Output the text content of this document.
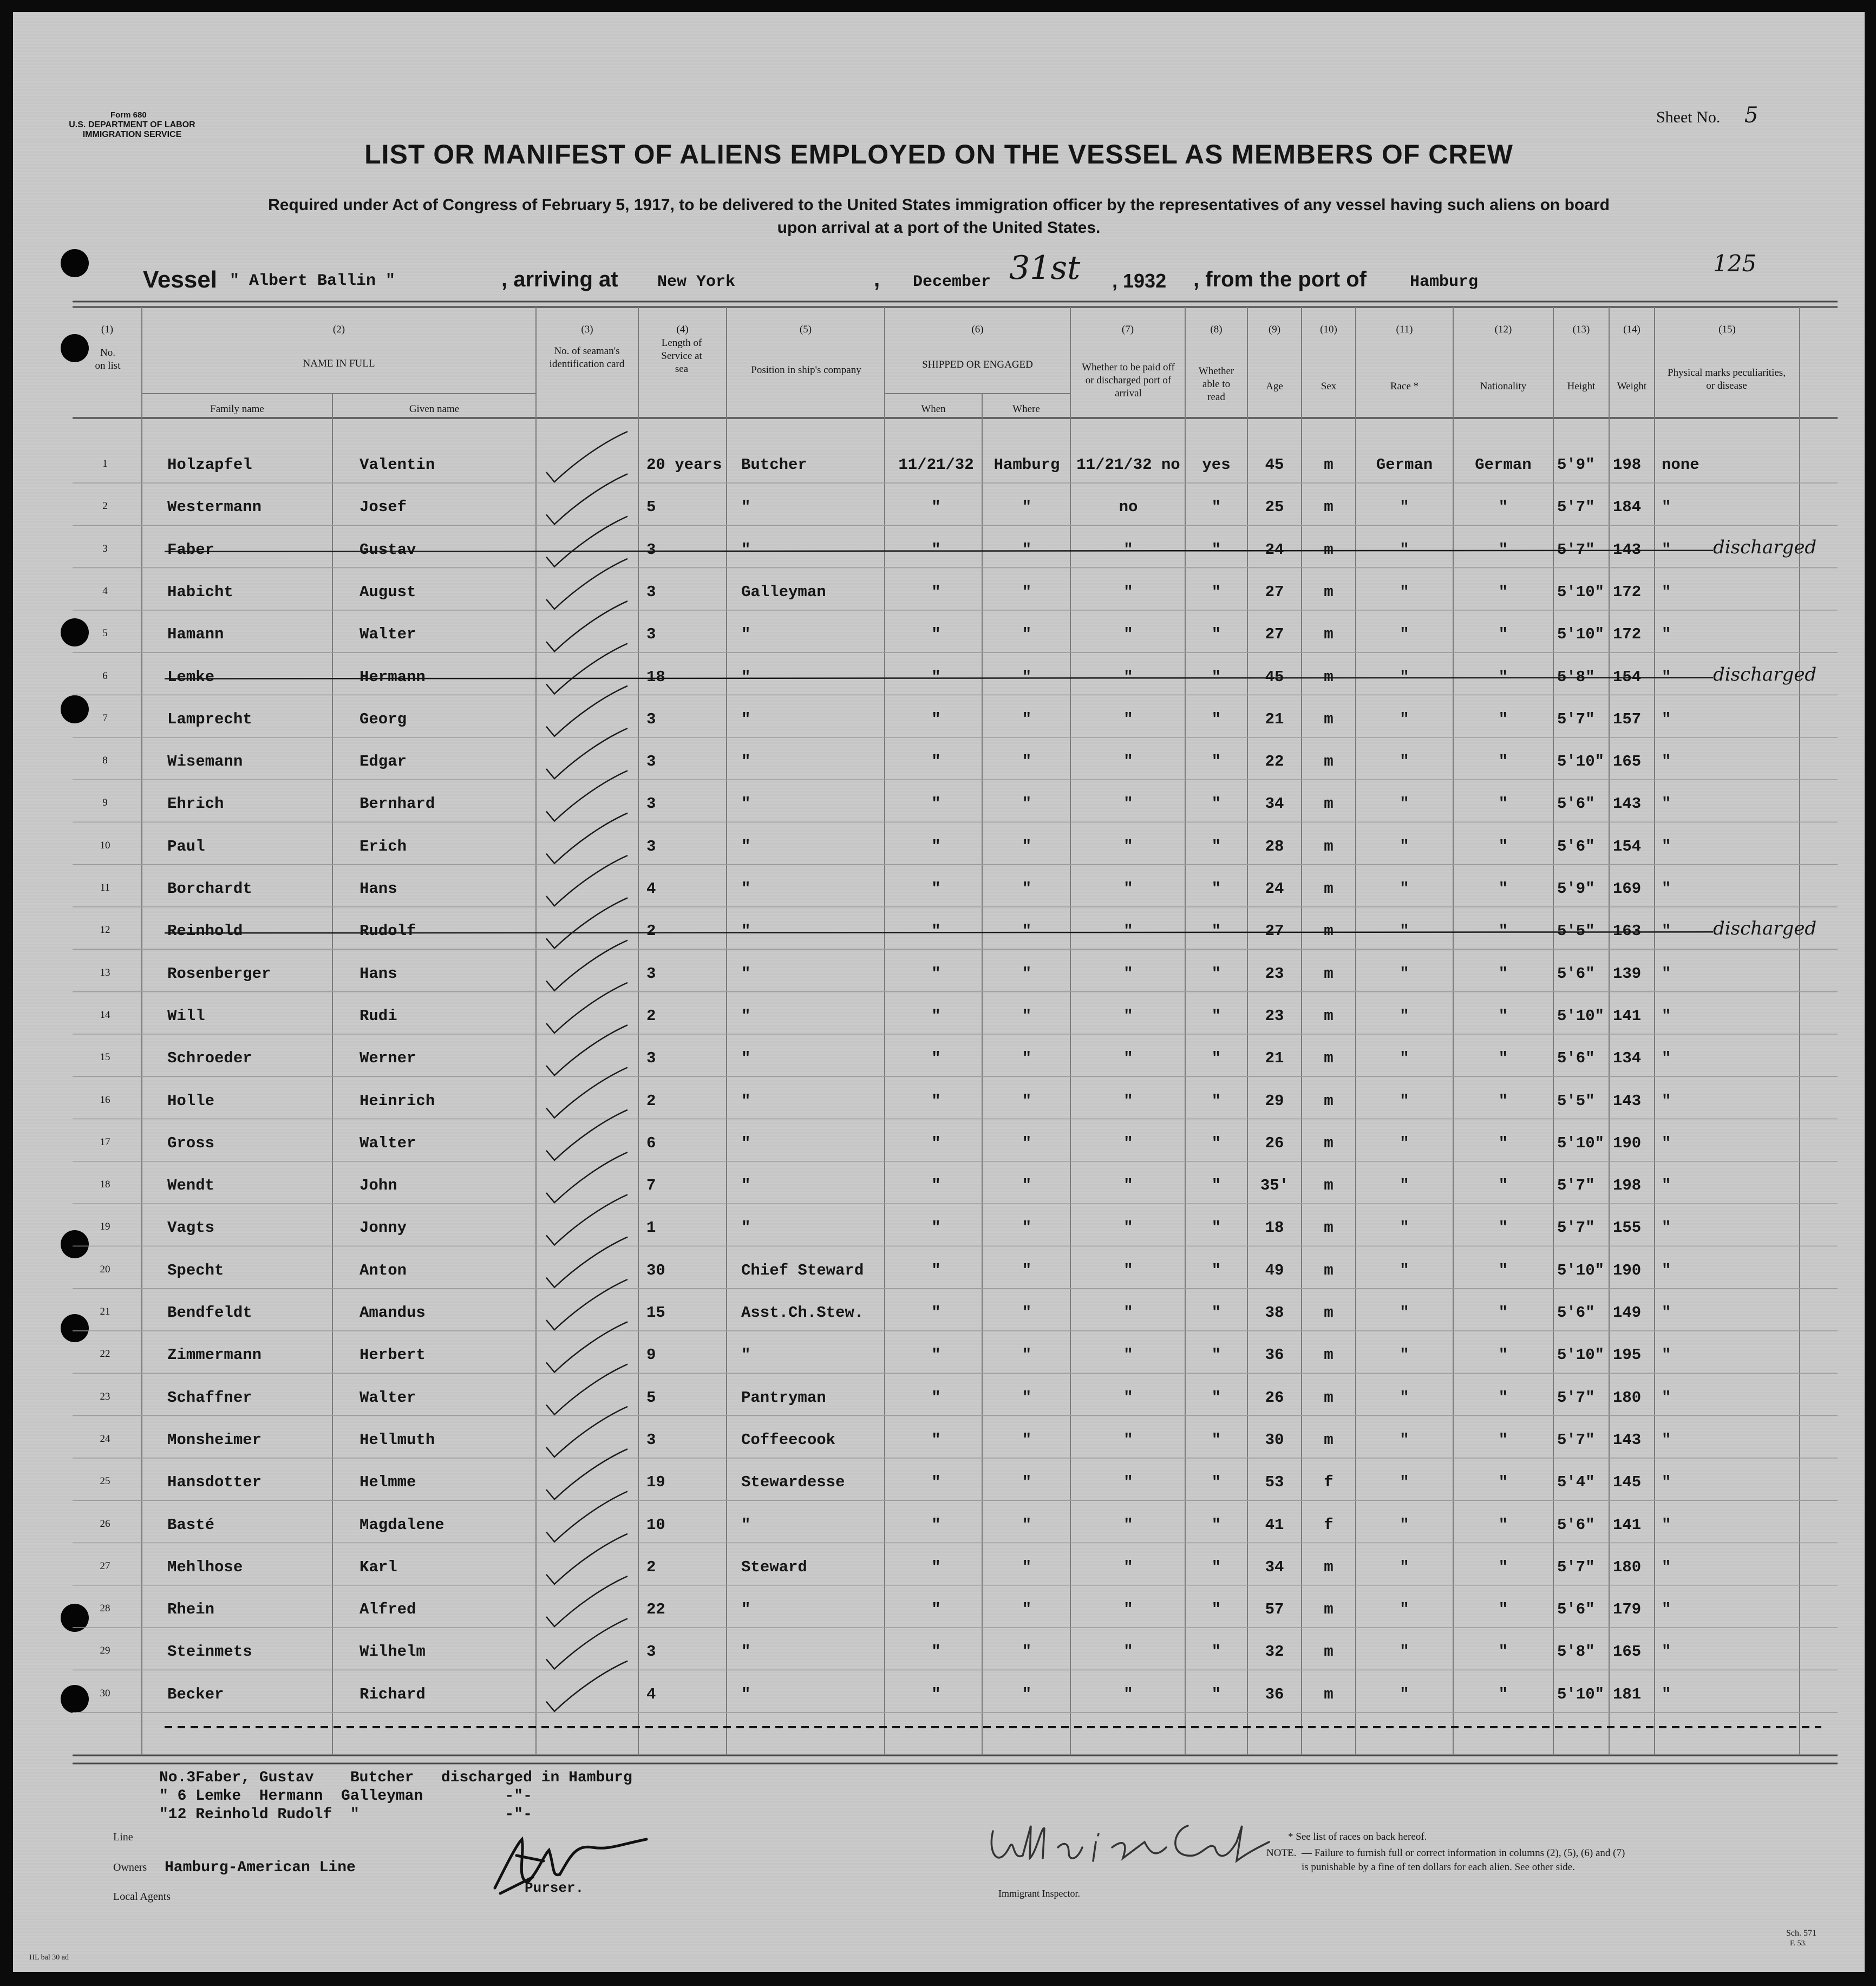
Form 680
U.S. DEPARTMENT OF LABOR
IMMIGRATION SERVICE
Sheet No. 5
LIST OR MANIFEST OF ALIENS EMPLOYED ON THE VESSEL AS MEMBERS OF CREW
Required under Act of Congress of February 5, 1917, to be delivered to the United States immigration officer by the representatives of any vessel having such aliens on board
upon arrival at a port of the United States.
125
Vessel " Albert Ballin "	, arriving at New York	, December 31st , 1932 , from the port of	Hamburg
(1)
No. on list
(2)
NAME IN FULL
Family name	Given name
(3)
No. of seaman's identification card
(4)
Length of Service at sea
(5)
Position in ship's company
(6)
SHIPPED OR ENGAGED
When	Where
(7)
Whether to be paid off or discharged port of arrival
(8)
Whether able to read
(9)
Age
(10)
Sex
(11)
Race *
(12)
Nationality
(13)
Height
(14)
Weight
(15)
Physical marks peculiarities, or disease
1	Holzapfel	Valentin	20 years Butcher	11/21/32	Hamburg	11/21/32 no	yes	45	m	German	German	5'9" 198 none
2	Westermann	Josef	5	"	"	"	no	"	25	m	"	"	5'7" 184 "
3	Faber	Gustav	3	"	"	"	"	"	24	m	"	"	5'7" 143 " discharged
4	Habicht	August	3	Galleyman	"	"	"	"	27	m	"	"	5'10" 172 "
5	Hamann	Walter	3	"	"	"	"	"	27	m	"	"	5'10" 172 "
6	Lemke	Hermann	18	"	"	"	"	"	45	m	"	"	5'8" 154 " discharged
7	Lamprecht	Georg	3	"	"	"	"	"	21	m	"	"	5'7" 157 "
8	Wisemann	Edgar	3	"	"	"	"	"	22	m	"	"	5'10" 165 "
9	Ehrich	Bernhard	3	"	"	"	"	"	34	m	"	"	5'6" 143 "
10	Paul	Erich	3	"	"	"	"	"	28	m	"	"	5'6" 154 "
11	Borchardt	Hans	4	"	"	"	"	"	24	m	"	"	5'9" 169 "
12	Reinhold	Rudolf	2	"	"	"	"	"	27	m	"	"	5'5" 163 " discharged
13	Rosenberger	Hans	3	"	"	"	"	"	23	m	"	"	5'6" 139 "
14	Will	Rudi	2	"	"	"	"	"	23	m	"	"	5'10" 141 "
15	Schroeder	Werner	3	"	"	"	"	"	21	m	"	"	5'6" 134 "
16	Holle	Heinrich	2	"	"	"	"	"	29	m	"	"	5'5" 143 "
17	Gross	Walter	6	"	"	"	"	"	26	m	"	"	5'10" 190 "
18	Wendt	John	7	"	"	"	"	"	35'	m	"	"	5'7" 198 "
19	Vagts	Jonny	1	"	"	"	"	"	18	m	"	"	5'7" 155 "
20	Specht	Anton	30	Chief Steward	"	"	"	"	49	m	"	"	5'10" 190 "
21	Bendfeldt	Amandus	15	Asst.Ch.Stew.	"	"	"	"	38	m	"	"	5'6" 149 "
22	Zimmermann	Herbert	9	"	"	"	"	"	36	m	"	"	5'10" 195 "
23	Schaffner	Walter	5	Pantryman	"	"	"	"	26	m	"	"	5'7" 180 "
24	Monsheimer	Hellmuth	3	Coffeecook	"	"	"	"	30	m	"	"	5'7" 143 "
25	Hansdotter	Helmme	19	Stewardesse	"	"	"	"	53	f	"	"	5'4" 145 "
26	Basté	Magdalene	10	"	"	"	"	"	41	f	"	"	5'6" 141 "
27	Mehlhose	Karl	2	Steward	"	"	"	"	34	m	"	"	5'7" 180 "
28	Rhein	Alfred	22	"	"	"	"	"	57	m	"	"	5'6" 179 "
29	Steinmets	Wilhelm	3	"	"	"	"	"	32	m	"	"	5'8" 165 "
30	Becker	Richard	4	"	"	"	"	"	36	m	"	"	5'10" 181 "
No.3Faber, Gustav    Butcher   discharged in Hamburg
" 6 Lemke  Hermann  Galleyman         -"-
"12 Reinhold Rudolf  "                -"-
Line
Owners Hamburg-American Line
Local Agents
Purser.	Immigrant Inspector.
* See list of races on back hereof.
NOTE. — Failure to furnish full or correct information in columns (2), (5), (6) and (7)
is punishable by a fine of ten dollars for each alien. See other side.
Sch. 571
F. 53.
HL bal 30 ad
